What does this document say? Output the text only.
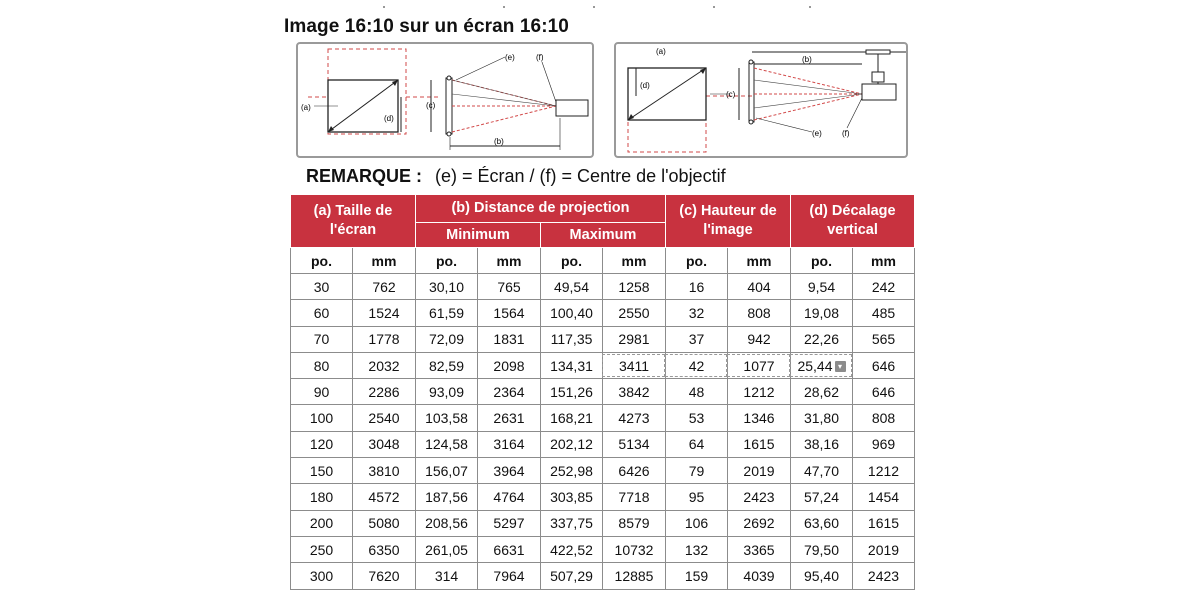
Image 16:10 sur un écran 16:10
(d)
(a)	(c)
(e)	(f)
(b)
(a)
(d)
(c)
(b)
(e)	(f)
REMARQUE : (e) = Écran / (f) = Centre de l'objectif
(a) Taille de l'écran		(b) Distance de projection				(c) Hauteur de l'image		(d) Décalage vertical	
		Minimum		Maximum					
po.	mm	po.	mm	po.	mm	po.	mm	po.	mm
30	762	30,10	765	49,54	1258	16	404	9,54	242
60	1524	61,59	1564	100,40	2550	32	808	19,08	485
70	1778	72,09	1831	117,35	2981	37	942	22,26	565
80	2032	82,59	2098	134,31	3411	42	1077	25,44 ▾	646
90	2286	93,09	2364	151,26	3842	48	1212	28,62	646
100	2540	103,58	2631	168,21	4273	53	1346	31,80	808
120	3048	124,58	3164	202,12	5134	64	1615	38,16	969
150	3810	156,07	3964	252,98	6426	79	2019	47,70	1212
180	4572	187,56	4764	303,85	7718	95	2423	57,24	1454
200	5080	208,56	5297	337,75	8579	106	2692	63,60	1615
250	6350	261,05	6631	422,52	10732	132	3365	79,50	2019
300	7620	314	7964	507,29	12885	159	4039	95,40	2423
